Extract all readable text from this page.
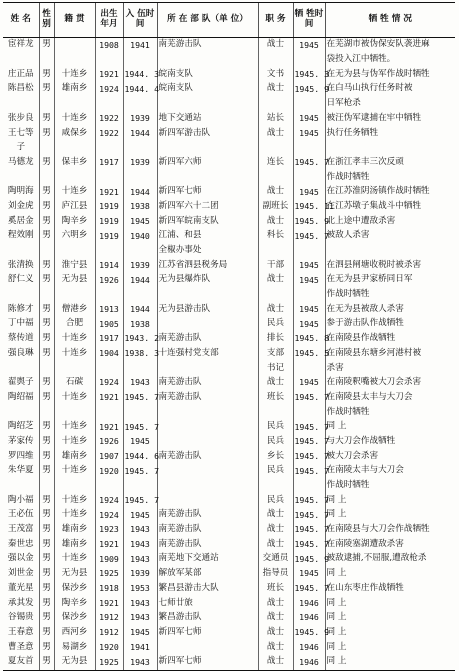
姓 名	性别	籍 贯	出生年月	入 伍时 间	所 在 部 队（单 位）	职 务	牺 牲时 间	牺 牲 情 况
宦祥龙	男		1908	1941	南芜游击队	战士	1945	在芜湖市被伪保安队袭进麻
								袋投入江中牺牲。
庄正品	男	十连乡	1921	1944. 3	皖南支队	文书	1945. 3	在无为县与伪军作战时牺牲
陈昌松	男	雄南乡	1924	1944. 4	皖南支队	战士	1945. 9	在白马山执行任务时被
								日军枪杀
张步良	男	十连乡	1922	1939	地下交通站	站长	1945	被汪伪军逮捕在牢中牺牲
王七等	男	咸保乡	1922	1944	新四军游击队	战士	1945	执行任务牺牲
子								
马德龙	男	保丰乡	1917	1939	新四军六师	连长	1945. 7	在浙江孝丰三次反顽
								作战时牺牲
陶明海	男	十连乡	1921	1944	新四军七师	战士	1945	在江苏淮阴汤镇作战时牺牲
刘金虎	男	庐江县	1919	1938	新四军六十二团	副班长	1945. 11	在江苏墩子集战斗中牺牲
奚居金	男	陶辛乡	1919	1945	新四军皖南支队	战士	1945. 9	北上途中遭敌杀害
程效刚	男	六明乡	1919	1940	江浦、和县	科长	1945. 7	被敌人杀害
					全椒办事处			
张清换	男	淮宁县	1914	1939	江苏省泗县税务局	干部	1945	在泗县闸塘收税时被杀害
舒仁义	男	无为县	1926	1944	无为县爆炸队	战士	1945	在无为县尹家桥同日军
								作战时牺牲
陈修才	男	僧港乡	1913	1944	无为县游击队	战士	1945	在无为县被敌人杀害
丁中福	男	合肥	1905	1938		民兵	1945	参于游击队作战牺牲
蔡传道	男	十连乡	1917	1943. 2	南芜游击队	排长	1945. 8	在南陵县作战牺牲
强良琳	男	十连乡	1904	1938. 3	十连强村党支部	支部	1945. 5	在南陵县东塘乡河港村被
						书记		杀害
翟舆子	男	石碳	1924	1943	南芜游击队	战士	1945	在南陵釈嘴被大刀会杀害
陶绍福	男	十连乡	1921	1945. 7	南芜游击队	班长	1945. 7	在南陵县太丰与大刀会
								作战时牺牲
陶绍芝	男	十连乡	1921	1945. 7		民兵	1945. 7	同 上
茅家传	男	十连乡	1926	1945		民兵	1945. 7	与大刀会作战牺牲
罗四维	男	雄南乡	1907	1944. 6	南芜游击队	乡长	1945. 7	被大刀会杀害
朱华夏	男	十连乡	1920	1945. 7		民兵	1945. 7	在南陵太丰与大刀会
								作战时牺牲
陶小福	男	十连乡	1924	1945. 7		民兵	1945. 7	同 上
王必伍	男	十连乡	1924	1945	南芜游击队	战士	1945. 7	同 上
王茂富	男	雄南乡	1923	1943	南芜游击队	战士	1945. 7	在南陵县与大刀会作战牺牲
秦世忠	男	雄南乡	1921	1943	南芜游击队	战士	1945. 7	在南陵塞湖遭敌杀害
强以金	男	十连乡	1909	1943	南芜地下交通站	交通员	1945. 9	被敌逮捕,不屈服,遭敌枪杀
刘世金	男	无为县	1925	1939	解放军某部	指导员	1945	同 上
董光星	男	保沙乡	1918	1953	繁昌县游击大队	班长	1945. 7	在山东枣庄作战牺牲
承其发	男	陶辛乡	1921	1943	七师廿旅	战士	1946	同 上
谷锡贵	男	保沙乡	1912	1943	繁昌游击队	战士	1946	同 上
王春意	男	西河乡	1912	1945	新四军七师	战士	1945. 9	同 上
曹圣意	男	易湖乡	1920	1941		战士	1946	同 上
夏友首	男	无为县	1925	1943	新四军七师	战士	1946	同 上
